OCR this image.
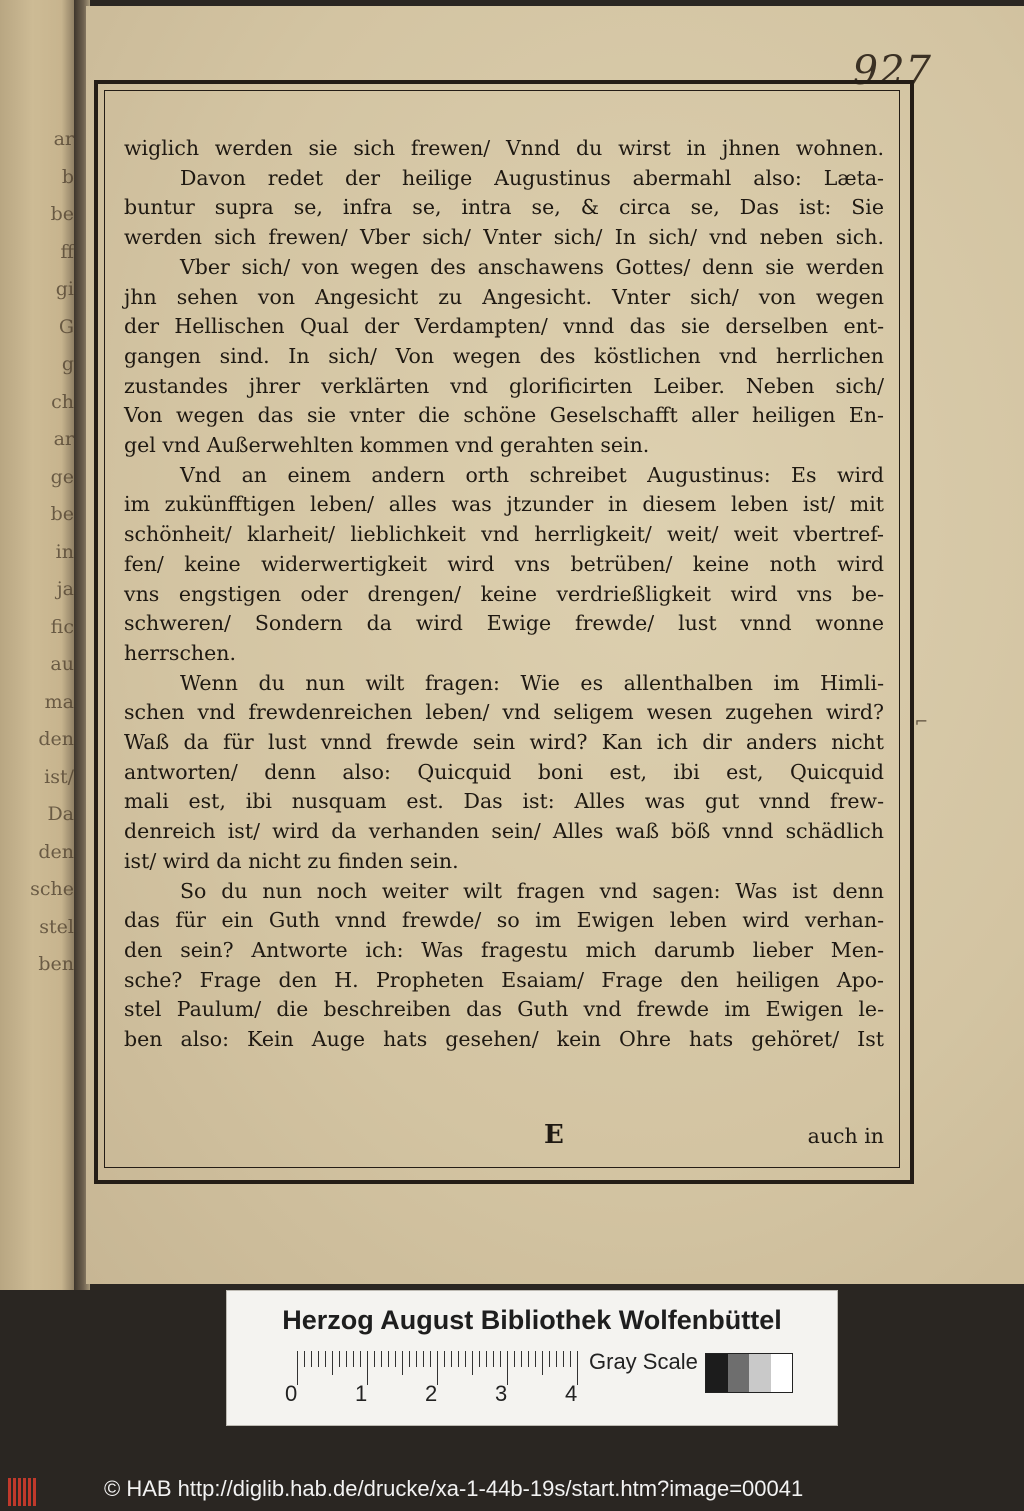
ar
b
be
ff
gi
G
g
ch
ar
ge
be
in
ja
fic
au
ma
den
ist/
Da
den
sche
stel
ben
927

wiglich werden sie sich frewen/ Vnnd du wirst in jhnen wohnen.

Davon redet der heilige Augustinus abermahl also: Læta-

buntur supra se, infra se, intra se, & circa se, Das ist: Sie

werden sich frewen/ Vber sich/ Vnter sich/ In sich/ vnd neben sich.

Vber sich/ von wegen des anschawens Gottes/ denn sie werden

jhn sehen von Angesicht zu Angesicht. Vnter sich/ von wegen

der Hellischen Qual der Verdampten/ vnnd das sie derselben ent-

gangen sind. In sich/ Von wegen des köstlichen vnd herrlichen

zustandes jhrer verklärten vnd glorificirten Leiber. Neben sich/

Von wegen das sie vnter die schöne Geselschafft aller heiligen En-

gel vnd Außerwehlten kommen vnd gerahten sein.

Vnd an einem andern orth schreibet Augustinus: Es wird

im zukünfftigen leben/ alles was jtzunder in diesem leben ist/ mit

schönheit/ klarheit/ lieblichkeit vnd herrligkeit/ weit/ weit vbertref-

fen/ keine widerwertigkeit wird vns betrüben/ keine noth wird

vns engstigen oder drengen/ keine verdrießligkeit wird vns be-

schweren/ Sondern da wird Ewige frewde/ lust vnnd wonne

herrschen.

Wenn du nun wilt fragen: Wie es allenthalben im Himli-

schen vnd frewdenreichen leben/ vnd seligem wesen zugehen wird?

Waß da für lust vnnd frewde sein wird? Kan ich dir anders nicht

antworten/ denn also: Quicquid boni est, ibi est, Quicquid

mali est, ibi nusquam est. Das ist: Alles was gut vnnd frew-

denreich ist/ wird da verhanden sein/ Alles waß böß vnnd schädlich

ist/ wird da nicht zu finden sein.

So du nun noch weiter wilt fragen vnd sagen: Was ist denn

das für ein Guth vnnd frewde/ so im Ewigen leben wird verhan-

den sein? Antworte ich: Was fragestu mich darumb lieber Men-

sche? Frage den H. Propheten Esaiam/ Frage den heiligen Apo-

stel Paulum/ die beschreiben das Guth vnd frewde im Ewigen le-

ben also: Kein Auge hats gesehen/ kein Ohre hats gehöret/ Ist

⌐
E	auch in
Herzog August Bibliothek Wolfenbüttel
0	1	2	3	4
Gray Scale
© HAB http://diglib.hab.de/drucke/xa-1-44b-19s/start.htm?image=00041
